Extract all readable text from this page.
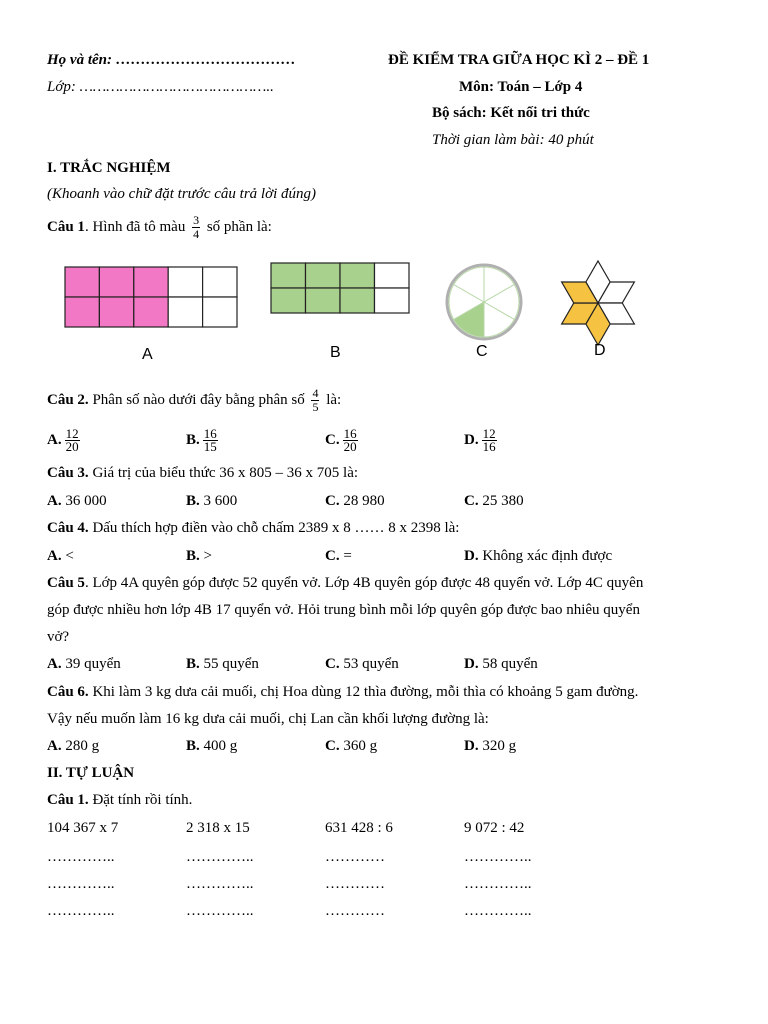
Họ và tên: ………………………………
Lớp: ……………………………………..
ĐỀ KIỂM TRA GIỮA HỌC KÌ 2 – ĐỀ 1
Môn: Toán – Lớp 4
Bộ sách: Kết nối tri thức
Thời gian làm bài: 40 phút
I. TRẮC NGHIỆM
(Khoanh vào chữ đặt trước câu trả lời đúng)
Câu 1. Hình đã tô màu $\frac{3}{4}$ số phần là:
A	B	C	D
Câu 2. Phân số nào dưới đây bằng phân số $\frac{4}{5}$ là:
A. $\frac{12}{20}$	B. $\frac{16}{15}$	C. $\frac{16}{20}$	D. $\frac{12}{16}$
Câu 3. Giá trị của biểu thức 36 x 805 – 36 x 705 là:
A. 36 000	B. 3 600	C. 28 980	C. 25 380
Câu 4. Dấu thích hợp điền vào chỗ chấm 2389 x 8 …… 8 x 2398 là:
A. <	B. >	C. =	D. Không xác định được
Câu 5. Lớp 4A quyên góp được 52 quyển vở. Lớp 4B quyên góp được 48 quyển vở. Lớp 4C quyên
góp được nhiều hơn lớp 4B 17 quyển vở. Hỏi trung bình mỗi lớp quyên góp được bao nhiêu quyển
vở?
A. 39 quyển	B. 55 quyển	C. 53 quyển	D. 58 quyển
Câu 6. Khi làm 3 kg dưa cải muối, chị Hoa dùng 12 thìa đường, mỗi thìa có khoảng 5 gam đường.
Vậy nếu muốn làm 16 kg dưa cải muối, chị Lan cần khối lượng đường là:
A. 280 g	B. 400 g	C. 360 g	D. 320 g
II. TỰ LUẬN
Câu 1. Đặt tính rồi tính.
104 367 x 7	2 318 x 15	631 428 : 6	9 072 : 42
…………..	…………..	…………	…………..
…………..	…………..	…………	…………..
…………..	…………..	…………	…………..
